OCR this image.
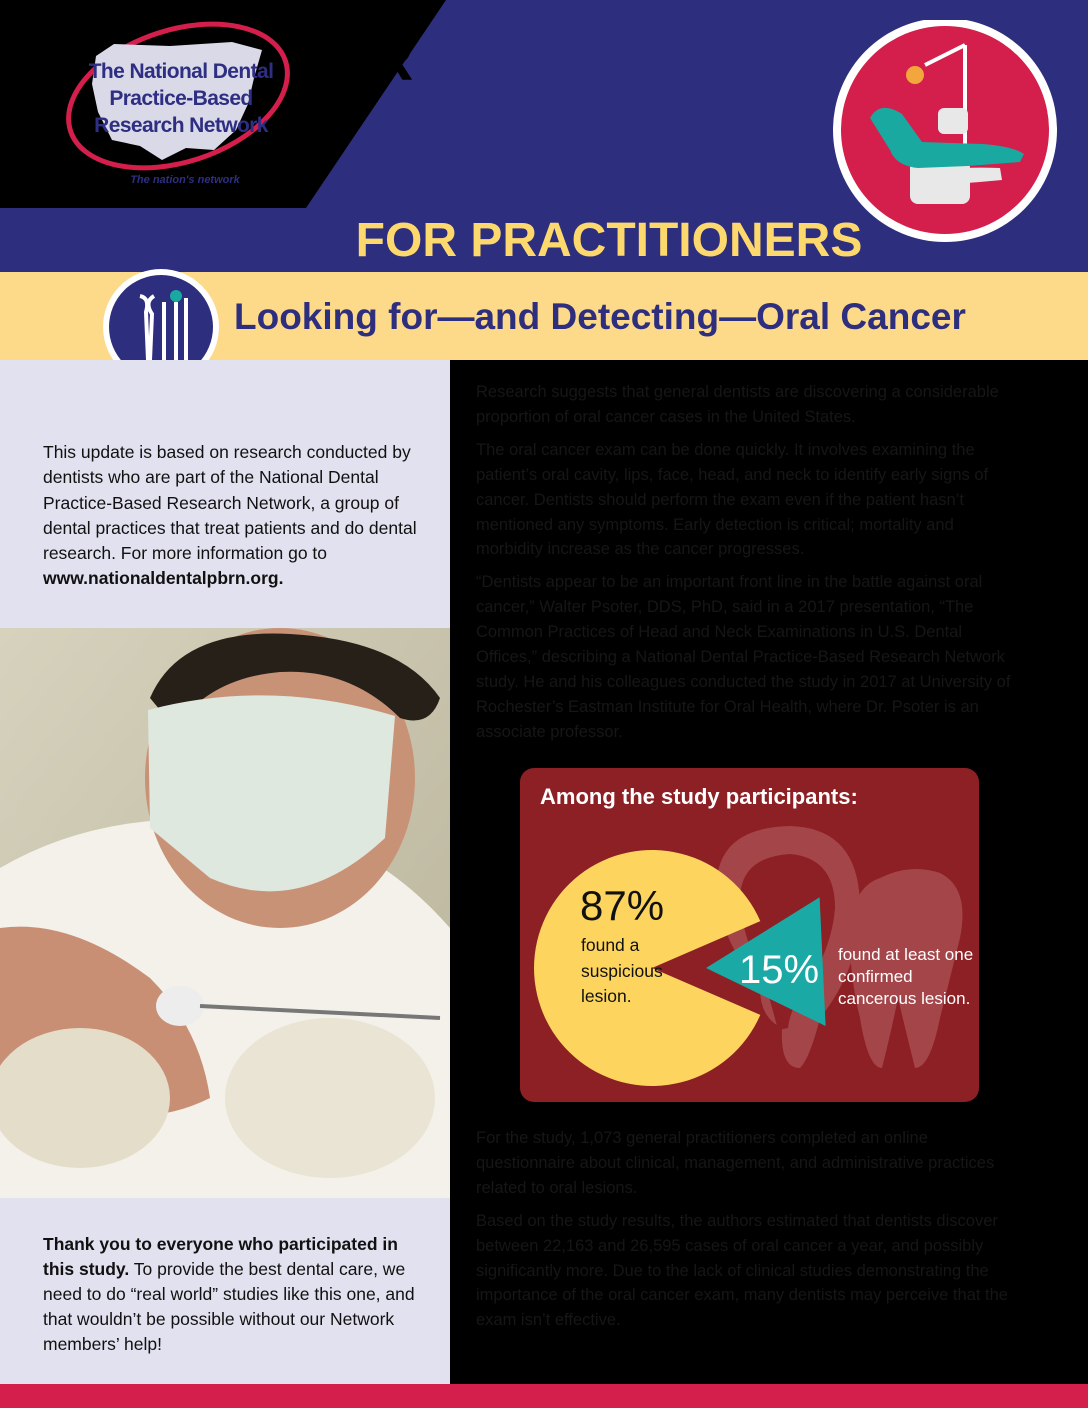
The National Dental
Practice-Based
Research Network
The nation's network
R
FOR PRACTITIONERS
Looking for—and Detecting—Oral Cancer
This update is based on research conducted by dentists who are part of the National Dental Practice-Based Research Network, a group of dental practices that treat patients and do dental research. For more information go to
www.nationaldentalpbrn.org.
Thank you to everyone who participated in this study. To provide the best dental care, we need to do “real world” studies like this one, and that wouldn’t be possible without our Network members’ help!

Research suggests that general dentists are discovering a considerable proportion of oral cancer cases in the United States.

The oral cancer exam can be done quickly. It involves examining the patient’s oral cavity, lips, face, head, and neck to identify early signs of cancer. Dentists should perform the exam even if the patient hasn’t mentioned any symptoms. Early detection is critical; mortality and morbidity increase as the cancer progresses.

“Dentists appear to be an important front line in the battle against oral cancer,” Walter Psoter, DDS, PhD, said in a 2017 presentation, “The Common Practices of Head and Neck Examinations in U.S. Dental Offices,” describing a National Dental Practice-Based Research Network study. He and his colleagues conducted the study in 2017 at University of Rochester’s Eastman Institute for Oral Health, where Dr. Psoter is an associate professor.

Among the study participants:
87%
found a suspicious lesion.
15% found at least one confirmed cancerous lesion.

For the study, 1,073 general practitioners completed an online questionnaire about clinical, management, and administrative practices related to oral lesions.

Based on the study results, the authors estimated that dentists discover between 22,163 and 26,595 cases of oral cancer a year, and possibly significantly more. Due to the lack of clinical studies demonstrating the importance of the oral cancer exam, many dentists may perceive that the exam isn’t effective.
